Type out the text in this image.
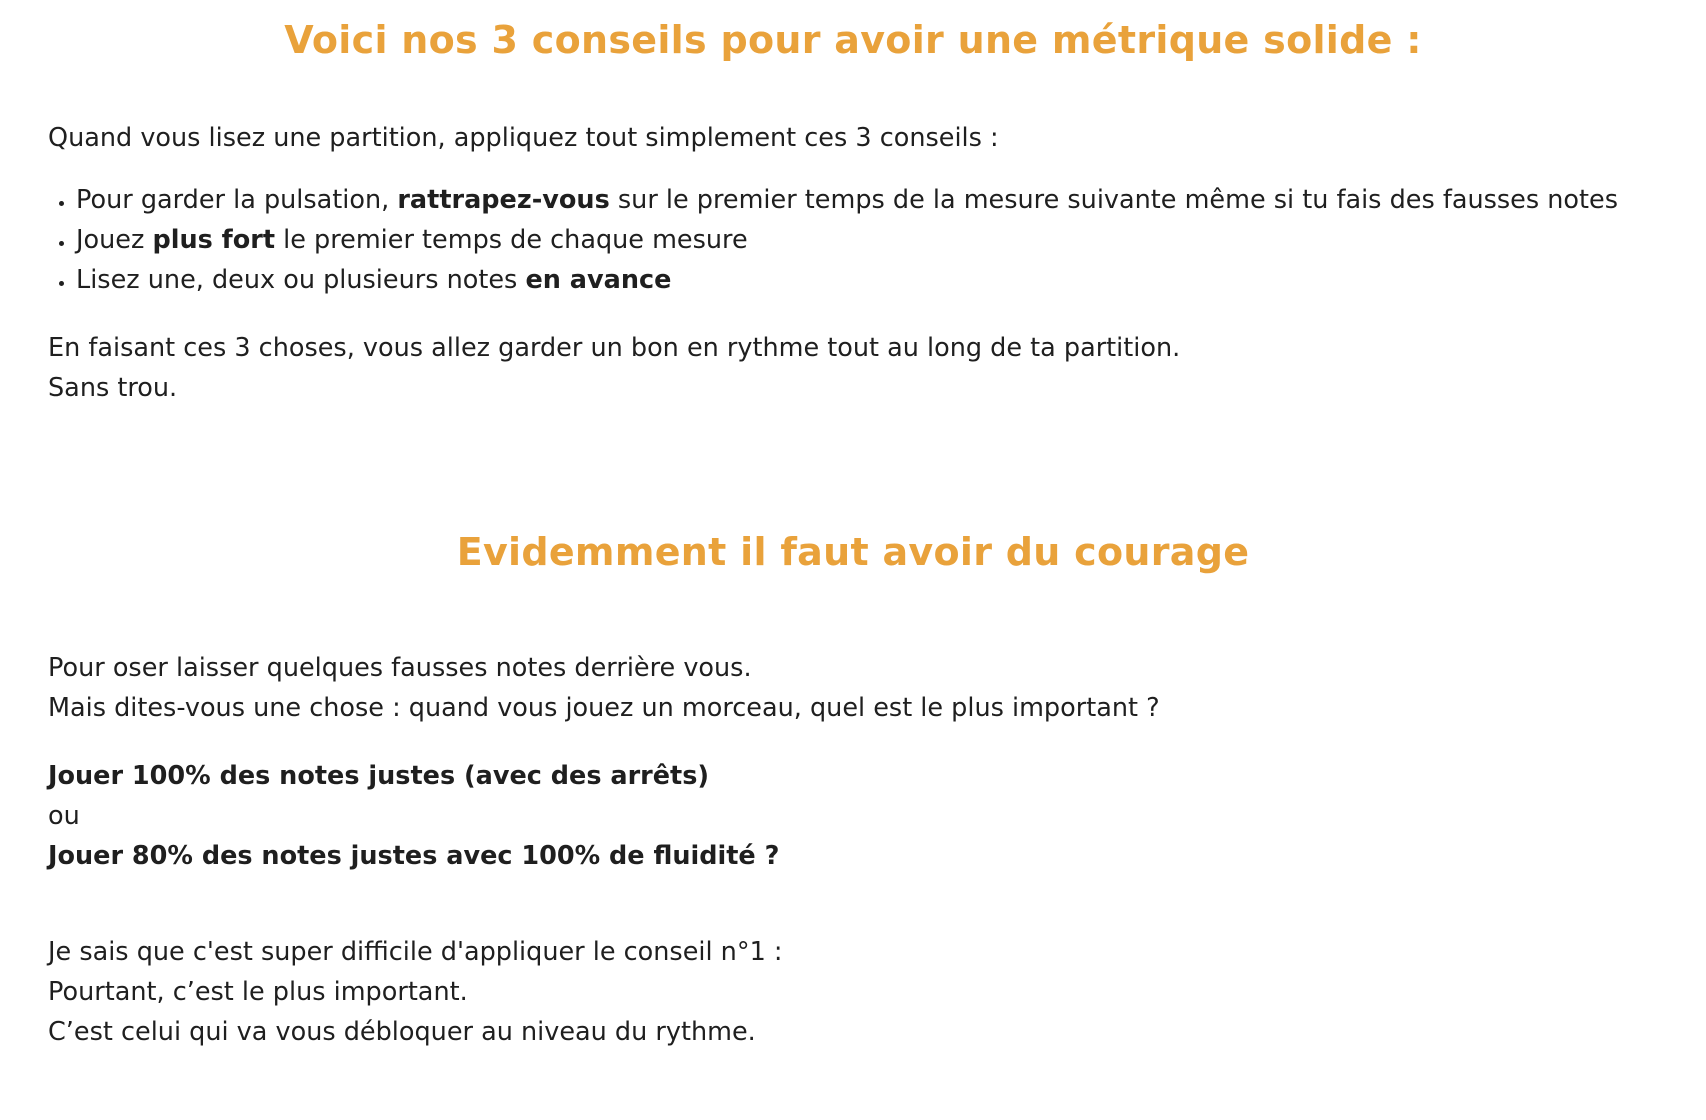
Voici nos 3 conseils pour avoir une métrique solide :

Quand vous lisez une partition, appliquez tout simplement ces 3 conseils :

• Pour garder la pulsation, rattrapez-vous sur le premier temps de la mesure suivante même si tu fais des fausses notes
• Jouez plus fort le premier temps de chaque mesure
• Lisez une, deux ou plusieurs notes en avance

En faisant ces 3 choses, vous allez garder un bon en rythme tout au long de ta partition.
Sans trou.

Evidemment il faut avoir du courage

Pour oser laisser quelques fausses notes derrière vous.
Mais dites-vous une chose : quand vous jouez un morceau, quel est le plus important ?

Jouer 100% des notes justes (avec des arrêts)
ou
Jouer 80% des notes justes avec 100% de fluidité ?

Je sais que c'est super difficile d'appliquer le conseil n°1 :
Pourtant, c’est le plus important.
C’est celui qui va vous débloquer au niveau du rythme.
